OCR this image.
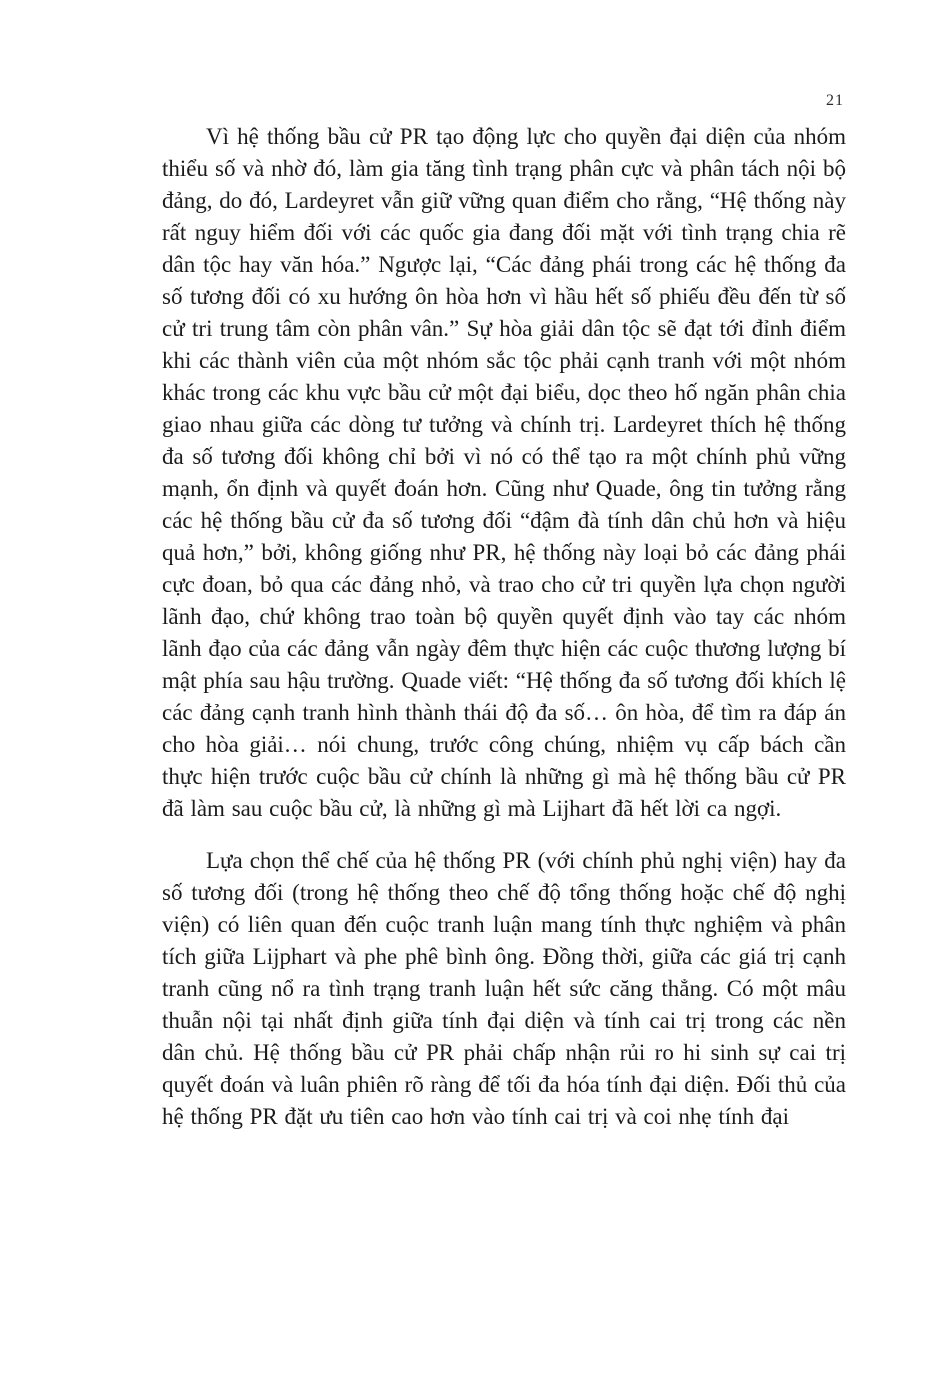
21

Vì hệ thống bầu cử PR tạo động lực cho quyền đại diện của nhóm thiểu số và nhờ đó, làm gia tăng tình trạng phân cực và phân tách nội bộ đảng, do đó, Lardeyret vẫn giữ vững quan điểm cho rằng, “Hệ thống này rất nguy hiểm đối với các quốc gia đang đối mặt với tình trạng chia rẽ dân tộc hay văn hóa.” Ngược lại, “Các đảng phái trong các hệ thống đa số tương đối có xu hướng ôn hòa hơn vì hầu hết số phiếu đều đến từ số cử tri trung tâm còn phân vân.” Sự hòa giải dân tộc sẽ đạt tới đỉnh điểm khi các thành viên của một nhóm sắc tộc phải cạnh tranh với một nhóm khác trong các khu vực bầu cử một đại biểu, dọc theo hố ngăn phân chia giao nhau giữa các dòng tư tưởng và chính trị. Lardeyret thích hệ thống đa số tương đối không chỉ bởi vì nó có thể tạo ra một chính phủ vững mạnh, ổn định và quyết đoán hơn. Cũng như Quade, ông tin tưởng rằng các hệ thống bầu cử đa số tương đối “đậm đà tính dân chủ hơn và hiệu quả hơn,” bởi, không giống như PR, hệ thống này loại bỏ các đảng phái cực đoan, bỏ qua các đảng nhỏ, và trao cho cử tri quyền lựa chọn người lãnh đạo, chứ không trao toàn bộ quyền quyết định vào tay các nhóm lãnh đạo của các đảng vẫn ngày đêm thực hiện các cuộc thương lượng bí mật phía sau hậu trường. Quade viết: “Hệ thống đa số tương đối khích lệ các đảng cạnh tranh hình thành thái độ đa số… ôn hòa, để tìm ra đáp án cho hòa giải… nói chung, trước công chúng, nhiệm vụ cấp bách cần thực hiện trước cuộc bầu cử chính là những gì mà hệ thống bầu cử PR đã làm sau cuộc bầu cử, là những gì mà Lijhart đã hết lời ca ngợi.

Lựa chọn thể chế của hệ thống PR (với chính phủ nghị viện) hay đa số tương đối (trong hệ thống theo chế độ tổng thống hoặc chế độ nghị viện) có liên quan đến cuộc tranh luận mang tính thực nghiệm và phân tích giữa Lijphart và phe phê bình ông. Đồng thời, giữa các giá trị cạnh tranh cũng nổ ra tình trạng tranh luận hết sức căng thẳng. Có một mâu thuẫn nội tại nhất định giữa tính đại diện và tính cai trị trong các nền dân chủ. Hệ thống bầu cử PR phải chấp nhận rủi ro hi sinh sự cai trị quyết đoán và luân phiên rõ ràng để tối đa hóa tính đại diện. Đối thủ của hệ thống PR đặt ưu tiên cao hơn vào tính cai trị và coi nhẹ tính đại
